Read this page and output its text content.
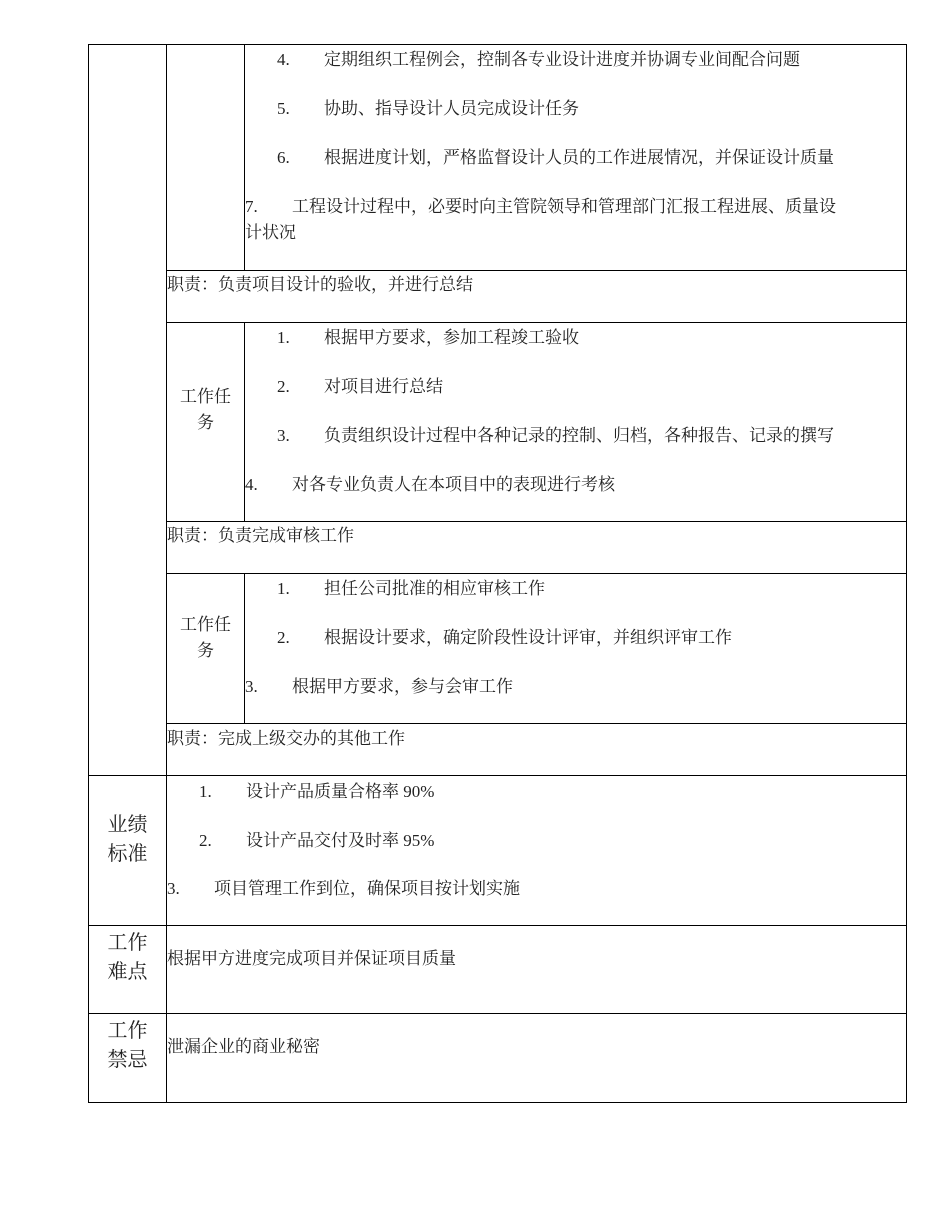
4. 定期组织工程例会，控制各专业设计进度并协调专业间配合问题
5. 协助、指导设计人员完成设计任务
6. 根据进度计划，严格监督设计人员的工作进展情况，并保证设计质量
7. 工程设计过程中，必要时向主管院领导和管理部门汇报工程进展、质量设
计状况
职责：负责项目设计的验收，并进行总结
工作任
务
1. 根据甲方要求，参加工程竣工验收
2. 对项目进行总结
3. 负责组织设计过程中各种记录的控制、归档，各种报告、记录的撰写
4. 对各专业负责人在本项目中的表现进行考核
职责：负责完成审核工作
工作任
务
1. 担任公司批准的相应审核工作
2. 根据设计要求，确定阶段性设计评审，并组织评审工作
3. 根据甲方要求，参与会审工作
职责：完成上级交办的其他工作
业绩
标准
1. 设计产品质量合格率 90%
2. 设计产品交付及时率 95%
3. 项目管理工作到位，确保项目按计划实施
工作
难点
根据甲方进度完成项目并保证项目质量
工作
禁忌
泄漏企业的商业秘密
